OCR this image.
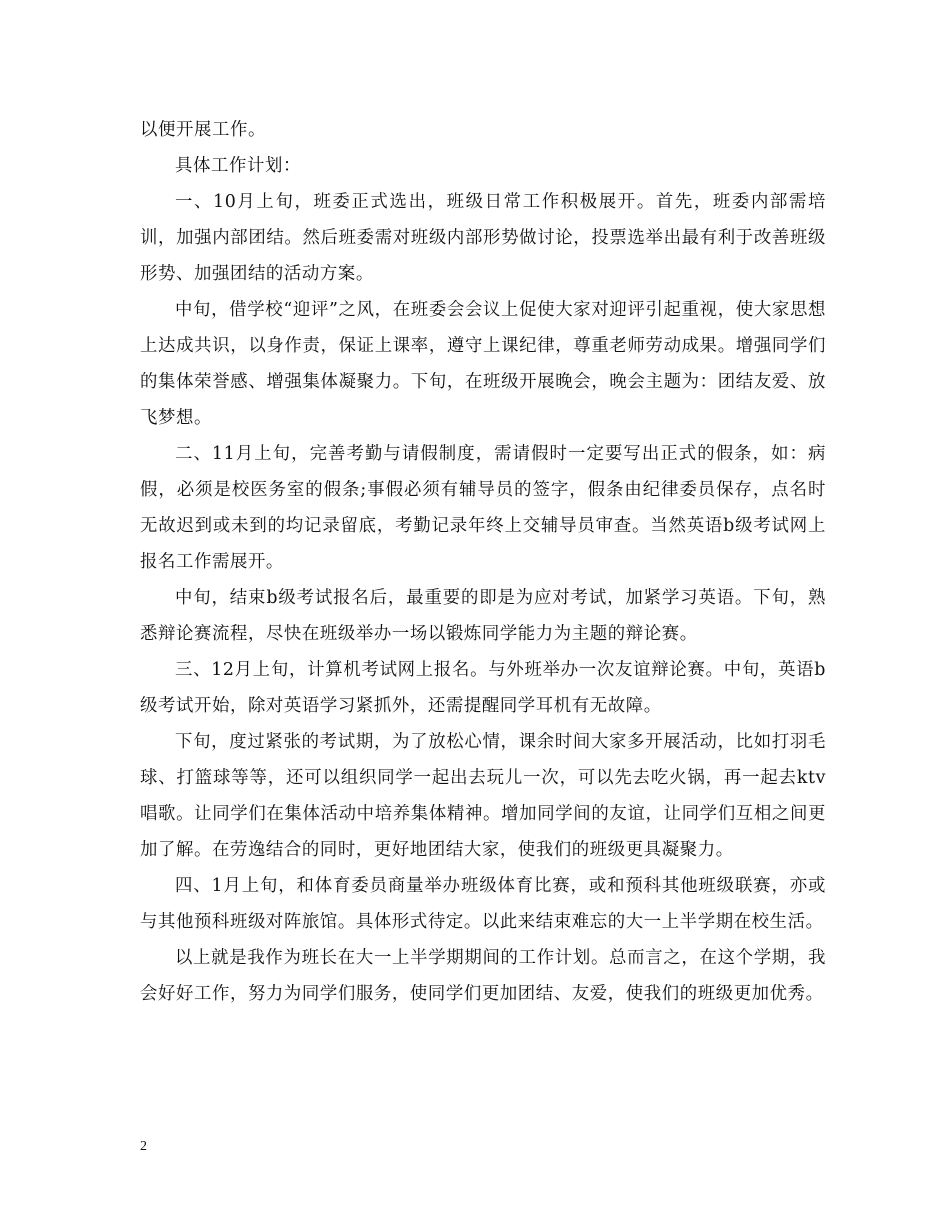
以便开展工作。

具体工作计划：

一、10月上旬，班委正式选出，班级日常工作积极展开。首先，班委内部需培训，加强内部团结。然后班委需对班级内部形势做讨论，投票选举出最有利于改善班级形势、加强团结的活动方案。

中旬，借学校“迎评”之风，在班委会会议上促使大家对迎评引起重视，使大家思想上达成共识，以身作责，保证上课率，遵守上课纪律，尊重老师劳动成果。增强同学们的集体荣誉感、增强集体凝聚力。下旬，在班级开展晚会，晚会主题为：团结友爱、放飞梦想。

二、11月上旬，完善考勤与请假制度，需请假时一定要写出正式的假条，如：病假，必须是校医务室的假条;事假必须有辅导员的签字，假条由纪律委员保存，点名时无故迟到或未到的均记录留底，考勤记录年终上交辅导员审查。当然英语b级考试网上报名工作需展开。

中旬，结束b级考试报名后，最重要的即是为应对考试，加紧学习英语。下旬，熟悉辩论赛流程，尽快在班级举办一场以锻炼同学能力为主题的辩论赛。

三、12月上旬，计算机考试网上报名。与外班举办一次友谊辩论赛。中旬，英语b级考试开始，除对英语学习紧抓外，还需提醒同学耳机有无故障。

下旬，度过紧张的考试期，为了放松心情，课余时间大家多开展活动，比如打羽毛球、打篮球等等，还可以组织同学一起出去玩儿一次，可以先去吃火锅，再一起去ktv唱歌。让同学们在集体活动中培养集体精神。增加同学间的友谊，让同学们互相之间更加了解。在劳逸结合的同时，更好地团结大家，使我们的班级更具凝聚力。

四、1月上旬，和体育委员商量举办班级体育比赛，或和预科其他班级联赛，亦或与其他预科班级对阵旅馆。具体形式待定。以此来结束难忘的大一上半学期在校生活。

以上就是我作为班长在大一上半学期期间的工作计划。总而言之，在这个学期，我会好好工作，努力为同学们服务，使同学们更加团结、友爱，使我们的班级更加优秀。

2
